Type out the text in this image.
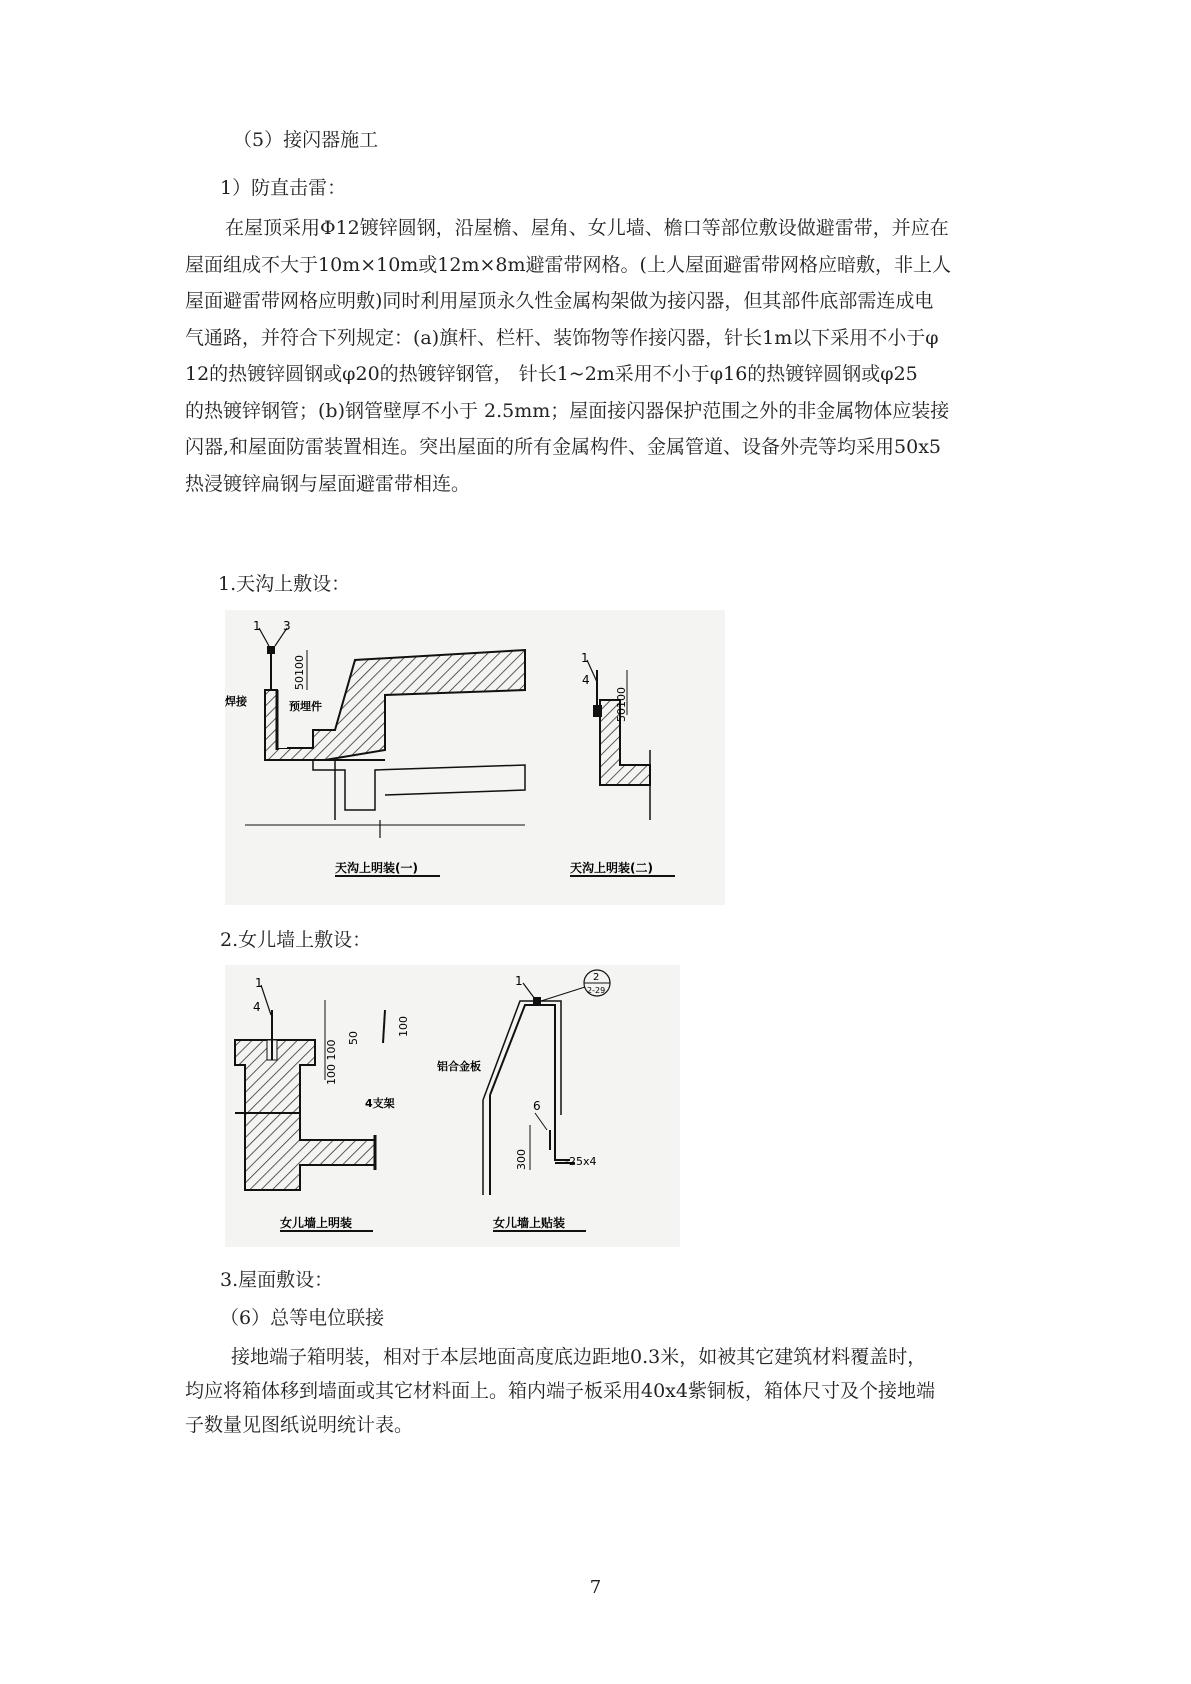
（5）接闪器施工
1）防直击雷：

在屋顶采用Φ12镀锌圆钢，沿屋檐、屋角、女儿墙、檐口等部位敷设做避雷带，并应在

屋面组成不大于10m×10m或12m×8m避雷带网格。(上人屋面避雷带网格应暗敷，非上人

屋面避雷带网格应明敷)同时利用屋顶永久性金属构架做为接闪器，但其部件底部需连成电

气通路，并符合下列规定：(a)旗杆、栏杆、装饰物等作接闪器，针长1m以下采用不小于φ

12的热镀锌圆钢或φ20的热镀锌钢管， 针长1~2m采用不小于φ16的热镀锌圆钢或φ25

的热镀锌钢管；(b)钢管壁厚不小于 2.5mm；屋面接闪器保护范围之外的非金属物体应装接

闪器,和屋面防雷装置相连。突出屋面的所有金属构件、金属管道、设备外壳等均采用50x5

热浸镀锌扁钢与屋面避雷带相连。

1.天沟上敷设：
1 3
50100
焊接	预埋件
1
4
50100
天沟上明装(一)	天沟上明装(二)
2.女儿墙上敷设：
1
4
100 100
50
100
4支架
1	2
2-29
铝合金板
6
300	-25x4
女儿墙上明装	女儿墙上贴装
3.屋面敷设：
（6）总等电位联接

接地端子箱明装，相对于本层地面高度底边距地0.3米，如被其它建筑材料覆盖时，

均应将箱体移到墙面或其它材料面上。箱内端子板采用40x4紫铜板，箱体尺寸及个接地端

子数量见图纸说明统计表。

7
